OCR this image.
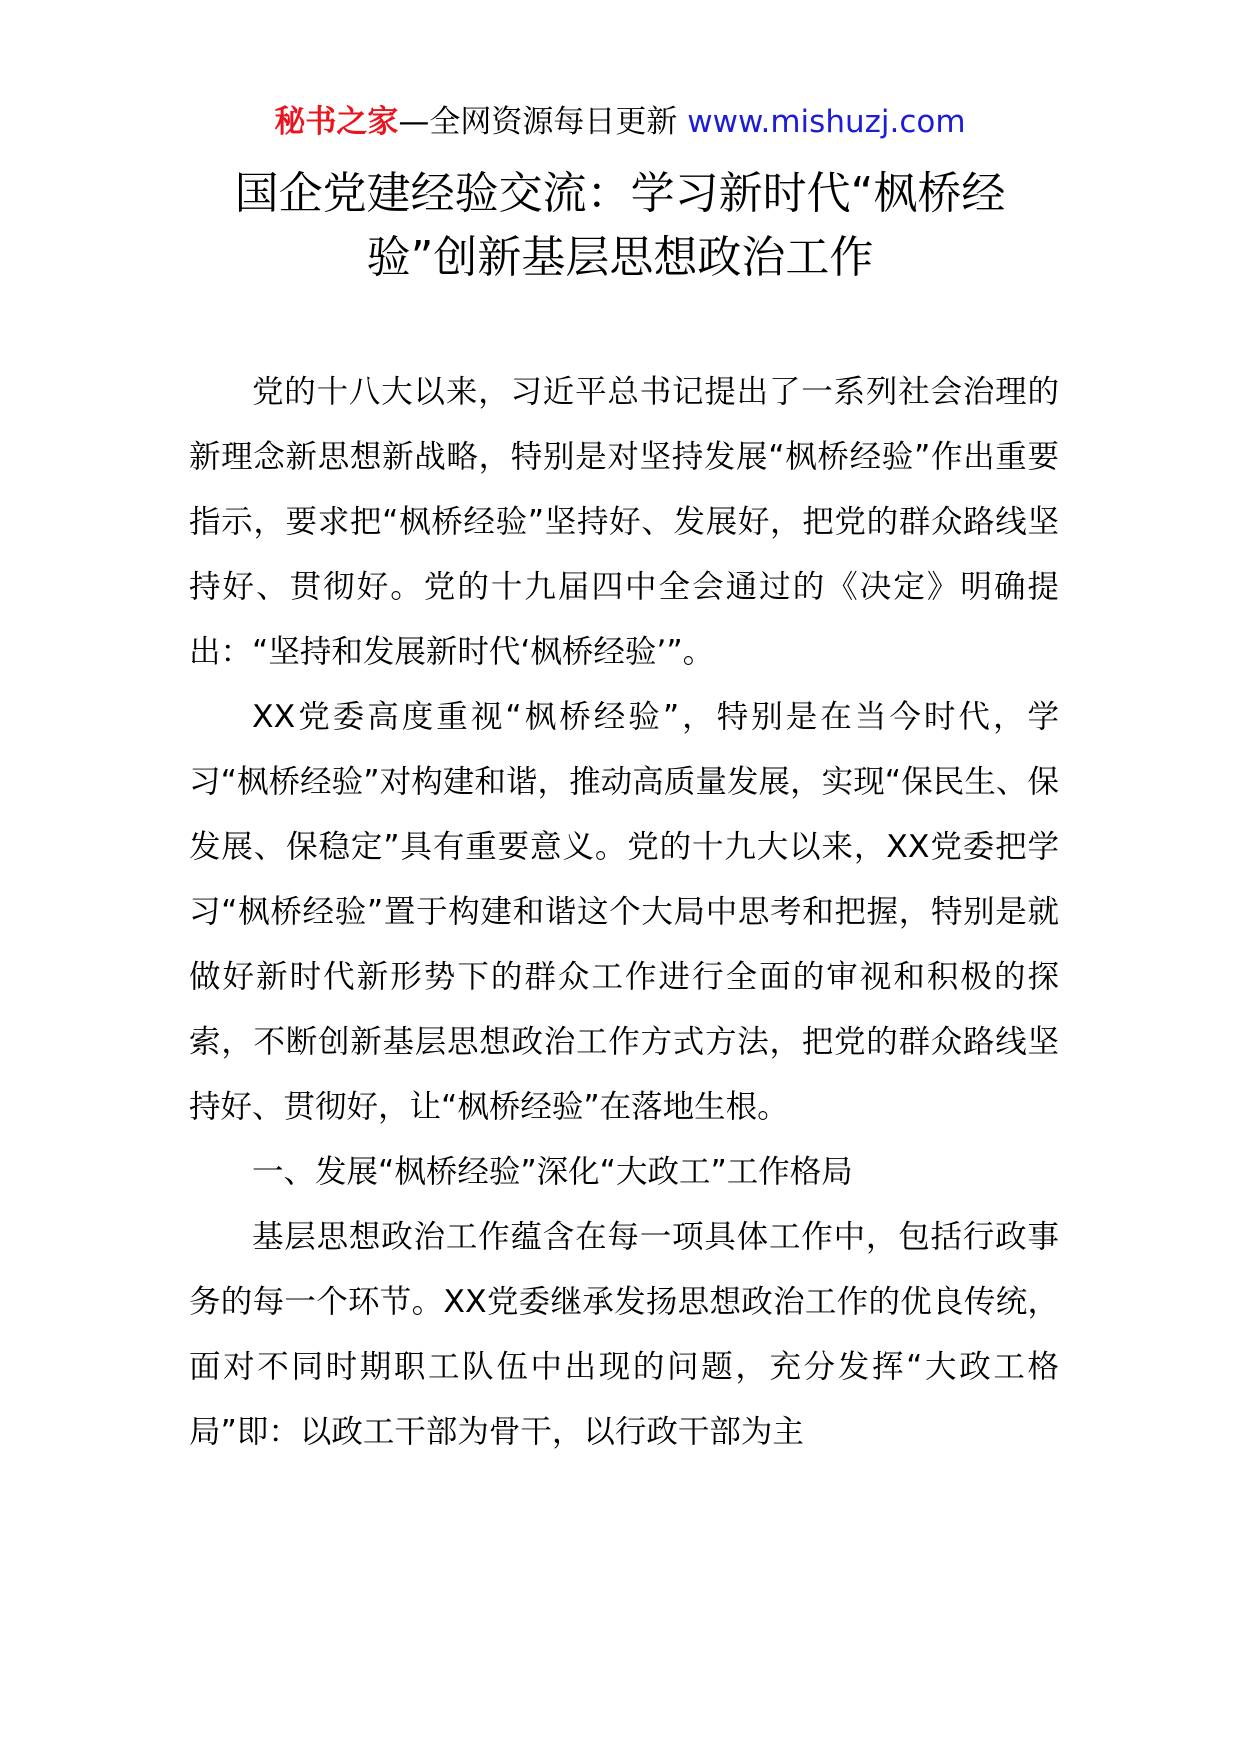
秘书之家—全网资源每日更新 www.mishuzj.com
国企党建经验交流：学习新时代“枫桥经
验”创新基层思想政治工作

党的十八大以来，习近平总书记提出了一系列社会治理的新理念新思想新战略，特别是对坚持发展“枫桥经验”作出重要指示，要求把“枫桥经验”坚持好、发展好，把党的群众路线坚持好、贯彻好。党的十九届四中全会通过的《决定》明确提出：“坚持和发展新时代‘枫桥经验’”。

XX党委高度重视“枫桥经验”，特别是在当今时代，学习“枫桥经验”对构建和谐，推动高质量发展，实现“保民生、保发展、保稳定”具有重要意义。党的十九大以来，XX党委把学习“枫桥经验”置于构建和谐这个大局中思考和把握，特别是就做好新时代新形势下的群众工作进行全面的审视和积极的探索，不断创新基层思想政治工作方式方法，把党的群众路线坚持好、贯彻好，让“枫桥经验”在落地生根。

一、发展“枫桥经验”深化“大政工”工作格局

基层思想政治工作蕴含在每一项具体工作中，包括行政事务的每一个环节。XX党委继承发扬思想政治工作的优良传统，面对不同时期职工队伍中出现的问题，充分发挥“大政工格局”即：以政工干部为骨干，以行政干部为主
